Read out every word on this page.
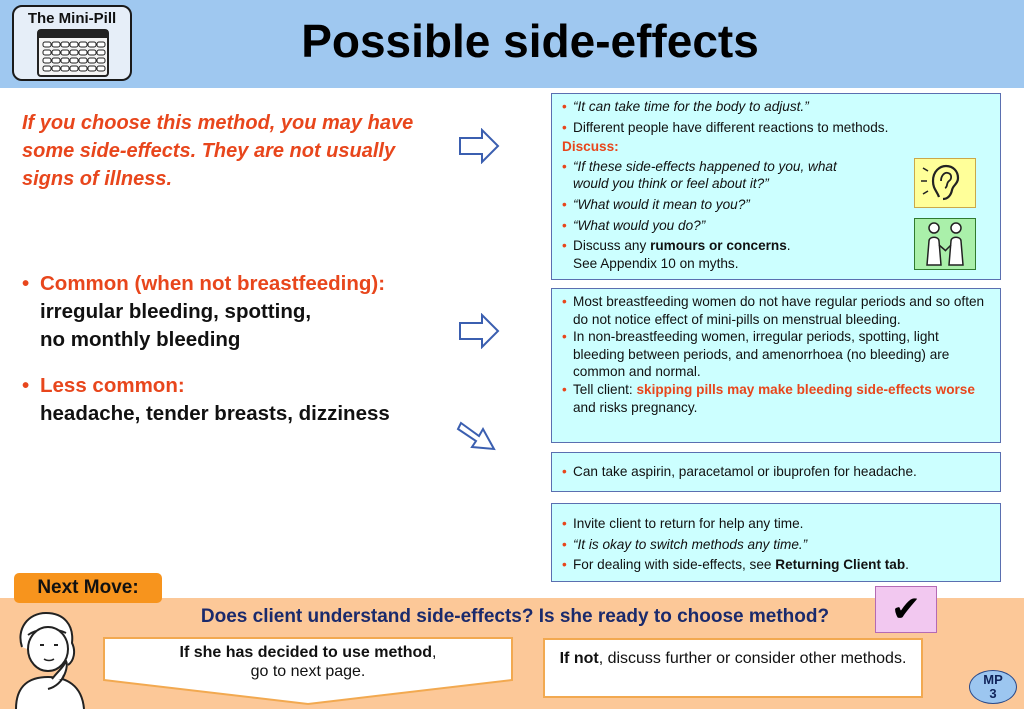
The Mini-Pill	Possible side-effects
If you choose this method, you may have some side-effects. They are not usually signs of illness.
• Common (when not breastfeeding):
irregular bleeding, spotting,
no monthly bleeding
• Less common:
headache, tender breasts, dizziness
• “It can take time for the body to adjust.”
• Different people have different reactions to methods.
Discuss:
• “If these side-effects happened to you, what
would you think or feel about it?”
• “What would it mean to you?”
• “What would you do?”
• Discuss any rumours or concerns.
See Appendix 10 on myths.
• Most breastfeeding women do not have regular periods and so often do not notice effect of mini-pills on menstrual bleeding.
• In non-breastfeeding women, irregular periods, spotting, light bleeding between periods, and amenorrhoea (no bleeding) are common and normal.
• Tell client: skipping pills may make bleeding side-effects worse and risks pregnancy.
• Can take aspirin, paracetamol or ibuprofen for headache.
• Invite client to return for help any time.
• “It is okay to switch methods any time.”
• For dealing with side-effects, see Returning Client tab.
Next Move:
Does client understand side-effects? Is she ready to choose method?	✔
If she has decided to use method,
go to next page.
If not, discuss further or consider other methods.
MP
3
